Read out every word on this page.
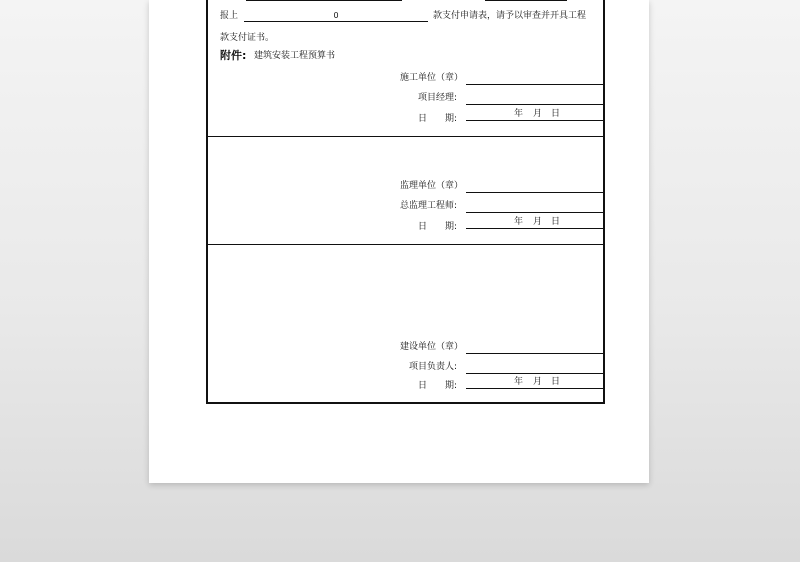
报上	0	款支付申请表，请予以审查并开具工程
款支付证书。
附件: 建筑安装工程预算书
施工单位（章）
项目经理:
日　　期:	年 月 日
监理单位（章）
总监理工程师:
日　　期:	年 月 日
建设单位（章）
项目负责人:
日　　期:	年 月 日
